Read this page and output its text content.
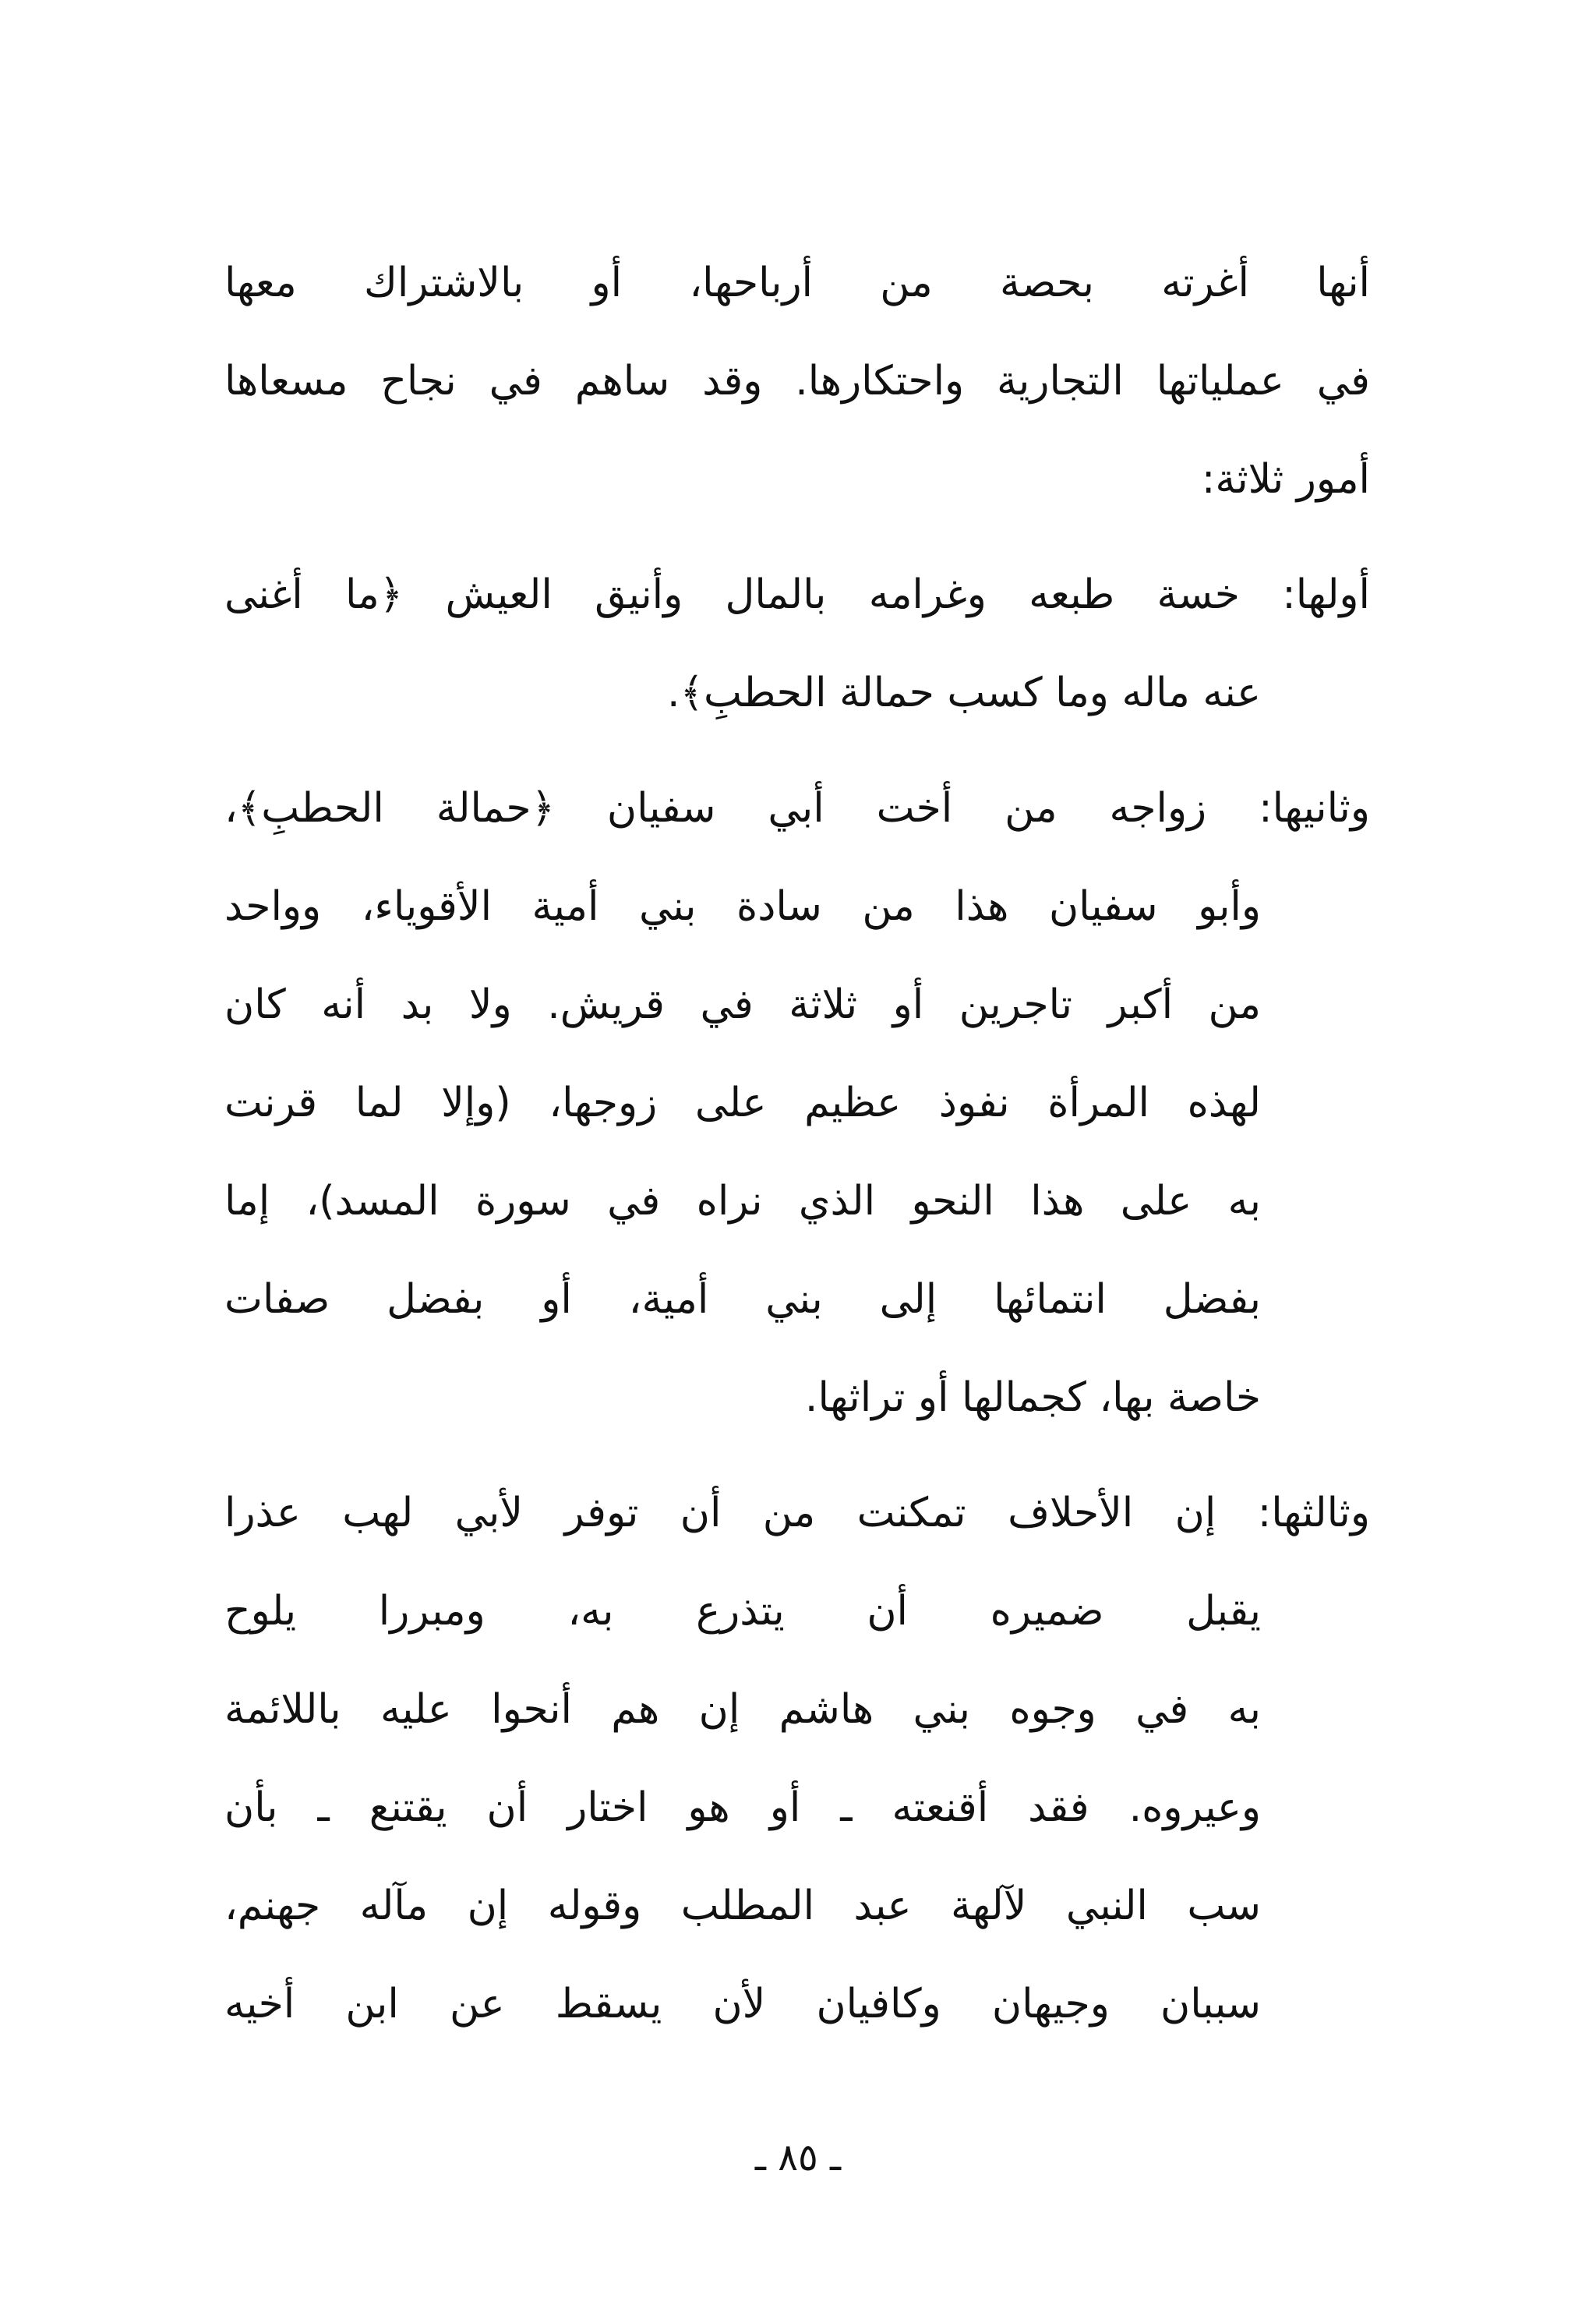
أنها أغرته بحصة من أرباحها، أو بالاشتراك معها
في عملياتها التجارية واحتكارها. وقد ساهم في نجاح مسعاها
أمور ثلاثة:
أولها: خسة طبعه وغرامه بالمال وأنيق العيش ﴿ما أغنى
عنه ماله وما كسب حمالة الحطبِ﴾.
وثانيها: زواجه من أخت أبي سفيان ﴿حمالة الحطبِ﴾،
وأبو سفيان هذا من سادة بني أمية الأقوياء، وواحد
من أكبر تاجرين أو ثلاثة في قريش. ولا بد أنه كان
لهذه المرأة نفوذ عظيم على زوجها، (وإلا لما قرنت
به على هذا النحو الذي نراه في سورة المسد)، إما
بفضل انتمائها إلى بني أمية، أو بفضل صفات
خاصة بها، كجمالها أو تراثها.
وثالثها: إن الأحلاف تمكنت من أن توفر لأبي لهب عذرا
يقبل ضميره أن يتذرع به، ومبررا يلوح
به في وجوه بني هاشم إن هم أنحوا عليه باللائمة
وعيروه. فقد أقنعته ـ أو هو اختار أن يقتنع ـ بأن
سب النبي لآلهة عبد المطلب وقوله إن مآله جهنم،
سببان وجيهان وكافيان لأن يسقط عن ابن أخيه
ـ ٨٥ ـ
